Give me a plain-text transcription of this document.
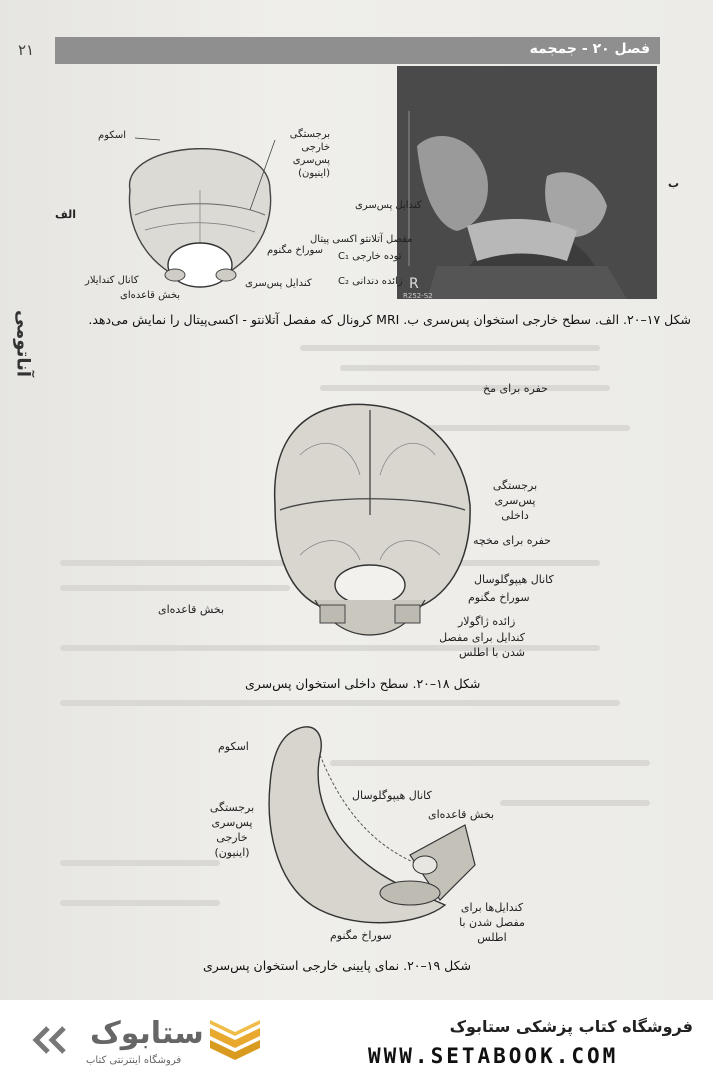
۲۱	فصل ۲۰ - جمجمه
آناتومی
اسکوم	برجستگی خارجی پس‌سری (اینیون)
سوراخ مگنوم
کندایل پس‌سری
کانال کندایلار
بخش قاعده‌ای
الف
R
R252-S2
کندایل پس‌سری
مفصل آتلانتو اکسی پیتال
توده خارجی C₁
زائده دندانی C₂
ب
شکل ۱۷–۲۰. الف. سطح خارجی استخوان پس‌سری ب. MRI کرونال که مفصل آتلانتو - اکسی‌پیتال را نمایش می‌دهد.
حفره برای مخ
برجستگی پس‌سری داخلی
حفره برای مخچه
کانال هیپوگلوسال
سوراخ مگنوم
زائده ژاگولار
کندایل برای مفصل شدن با اطلس
بخش قاعده‌ای
شکل ۱۸–۲۰. سطح داخلی استخوان پس‌سری
اسکوم
برجستگی پس‌سری خارجی (اینیون)
کانال هیپوگلوسال
بخش قاعده‌ای
کندایل‌ها برای مفصل شدن با اطلس
سوراخ مگنوم
شکل ۱۹–۲۰. نمای پایینی خارجی استخوان پس‌سری
ستابوک
فروشگاه اینترنتی کتاب
فروشگاه کتاب پزشکی ستابوک
WWW.SETABOOK.COM
